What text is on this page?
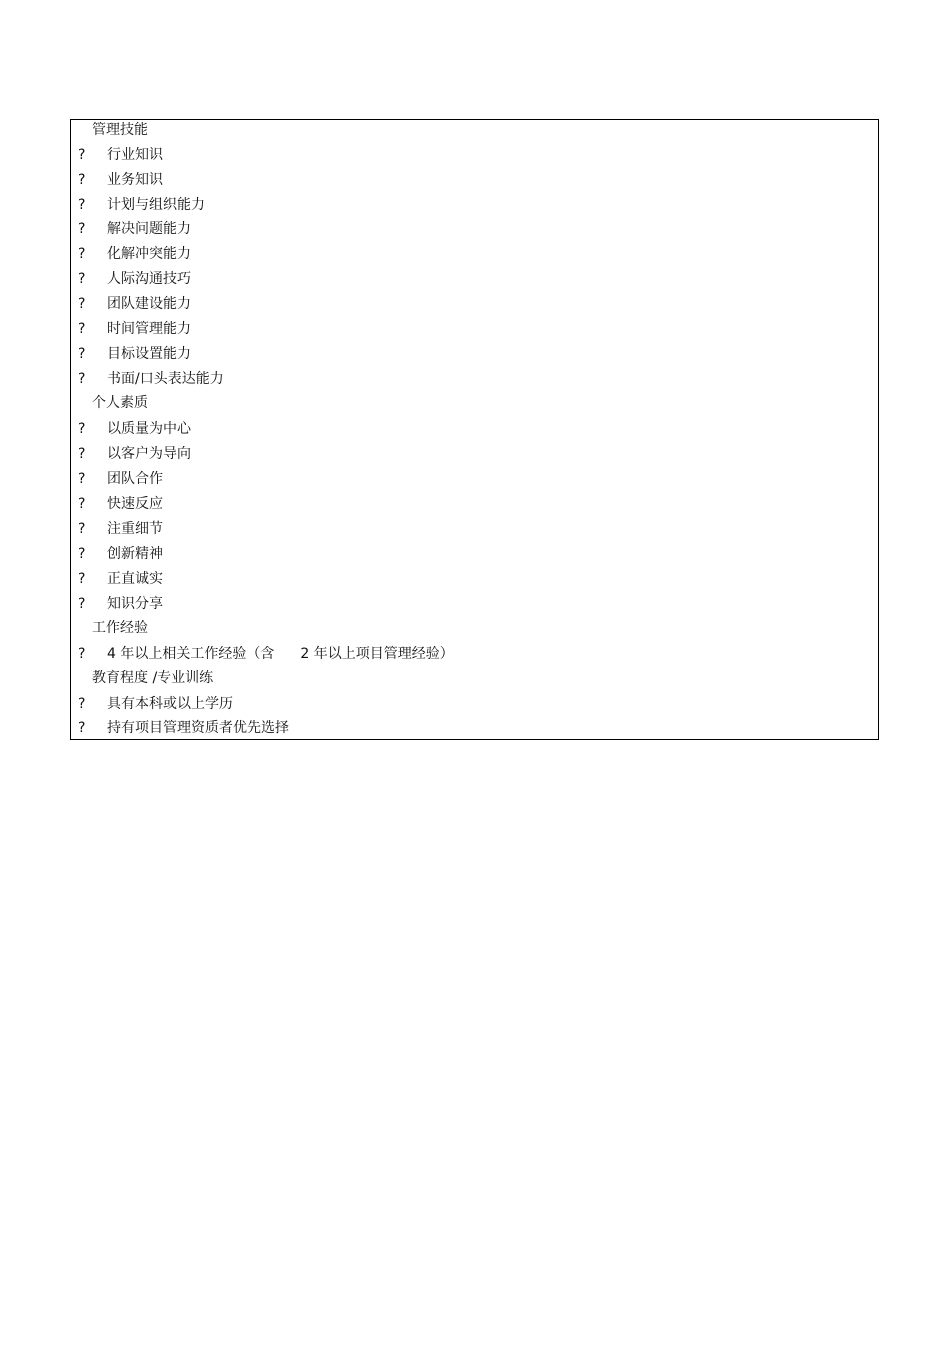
管理技能
?	行业知识
?	业务知识
?	计划与组织能力
?	解决问题能力
?	化解冲突能力
?	人际沟通技巧
?	团队建设能力
?	时间管理能力
?	目标设置能力
?	书面/口头表达能力
个人素质
?	以质量为中心
?	以客户为导向
?	团队合作
?	快速反应
?	注重细节
?	创新精神
?	正直诚实
?	知识分享
工作经验
?	4 年以上相关工作经验（含 2 年以上项目管理经验）
教育程度 /专业训练
?	具有本科或以上学历
?	持有项目管理资质者优先选择
